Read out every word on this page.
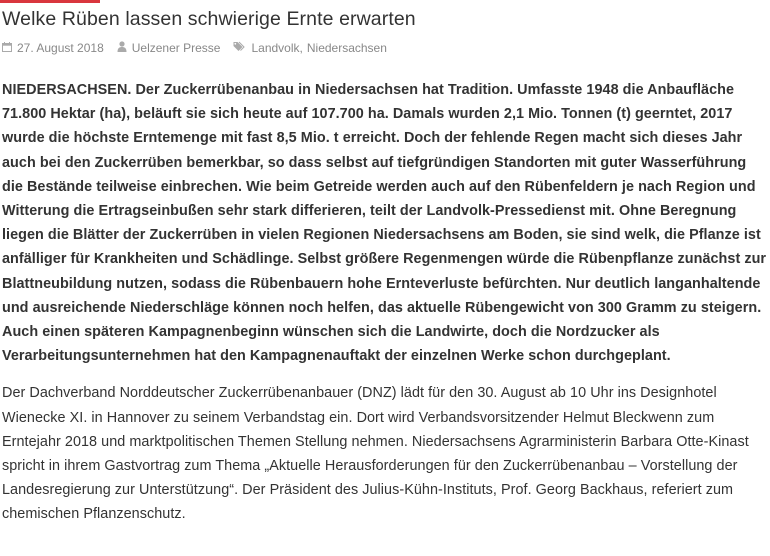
Welke Rüben lassen schwierige Ernte erwarten
27. August 2018 Uelzener Presse	Landvolk , Niedersachsen

NIEDERSACHSEN. Der Zuckerrübenanbau in Niedersachsen hat Tradition. Umfasste 1948 die Anbaufläche 71.800 Hektar (ha), beläuft sie sich heute auf 107.700 ha. Damals wurden 2,1 Mio. Tonnen (t) geerntet, 2017 wurde die höchste Erntemenge mit fast 8,5 Mio. t erreicht. Doch der fehlende Regen macht sich dieses Jahr auch bei den Zuckerrüben bemerkbar, so dass selbst auf tiefgründigen Standorten mit guter Wasserführung die Bestände teilweise einbrechen. Wie beim Getreide werden auch auf den Rübenfeldern je nach Region und Witterung die Ertragseinbußen sehr stark differieren, teilt der Landvolk-Pressedienst mit. Ohne Beregnung liegen die Blätter der Zuckerrüben in vielen Regionen Niedersachsens am Boden, sie sind welk, die Pflanze ist anfälliger für Krankheiten und Schädlinge. Selbst größere Regenmengen würde die Rübenpflanze zunächst zur Blattneubildung nutzen, sodass die Rübenbauern hohe Ernteverluste befürchten. Nur deutlich langanhaltende und ausreichende Niederschläge können noch helfen, das aktuelle Rübengewicht von 300 Gramm zu steigern. Auch einen späteren Kampagnenbeginn wünschen sich die Landwirte, doch die Nordzucker als Verarbeitungsunternehmen hat den Kampagnenauftakt der einzelnen Werke schon durchgeplant.

Der Dachverband Norddeutscher Zuckerrübenanbauer (DNZ) lädt für den 30. August ab 10 Uhr ins Designhotel Wienecke XI. in Hannover zu seinem Verbandstag ein. Dort wird Verbandsvorsitzender Helmut Bleckwenn zum Erntejahr 2018 und marktpolitischen Themen Stellung nehmen. Niedersachsens Agrarministerin Barbara Otte-Kinast spricht in ihrem Gastvortrag zum Thema „Aktuelle Herausforderungen für den Zuckerrübenanbau – Vorstellung der Landesregierung zur Unterstützung“. Der Präsident des Julius-Kühn-Instituts, Prof. Georg Backhaus, referiert zum chemischen Pflanzenschutz.
